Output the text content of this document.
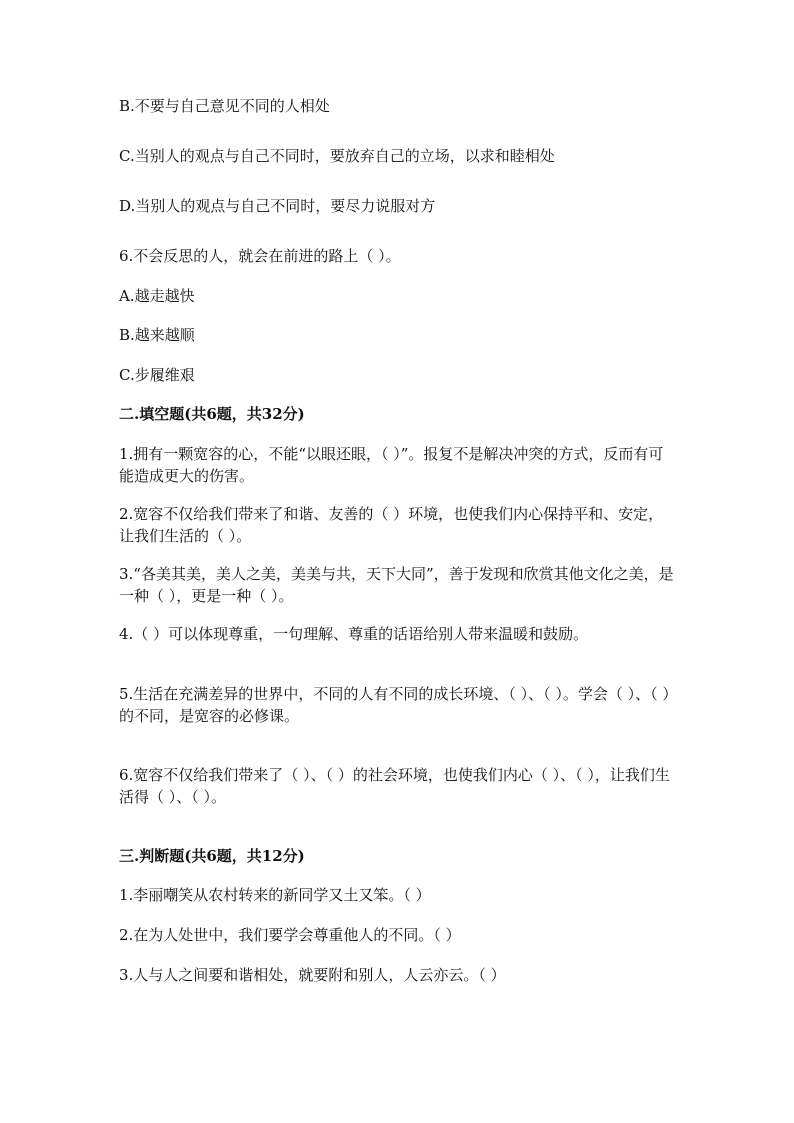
B.不要与自己意见不同的人相处
C.当别人的观点与自己不同时，要放弃自己的立场，以求和睦相处
D.当别人的观点与自己不同时，要尽力说服对方
6.不会反思的人，就会在前进的路上（ ）。
A.越走越快
B.越来越顺
C.步履维艰
二.填空题(共6题，共32分)
1.拥有一颗宽容的心，不能“以眼还眼，（ ）”。报复不是解决冲突的方式，反而有可能造成更大的伤害。
2.宽容不仅给我们带来了和谐、友善的（ ）环境，也使我们内心保持平和、安定，让我们生活的（ ）。
3.“各美其美，美人之美，美美与共，天下大同”，善于发现和欣赏其他文化之美，是一种（ ），更是一种（ ）。
4.（ ）可以体现尊重，一句理解、尊重的话语给别人带来温暖和鼓励。
5.生活在充满差异的世界中，不同的人有不同的成长环境、（ ）、（ ）。学会（ ）、（ ）的不同，是宽容的必修课。
6.宽容不仅给我们带来了（ ）、（ ）的社会环境，也使我们内心（ ）、（ ），让我们生活得（ ）、（ ）。
三.判断题(共6题，共12分)
1.李丽嘲笑从农村转来的新同学又土又笨。（ ）
2.在为人处世中，我们要学会尊重他人的不同。（ ）
3.人与人之间要和谐相处，就要附和别人，人云亦云。（ ）
